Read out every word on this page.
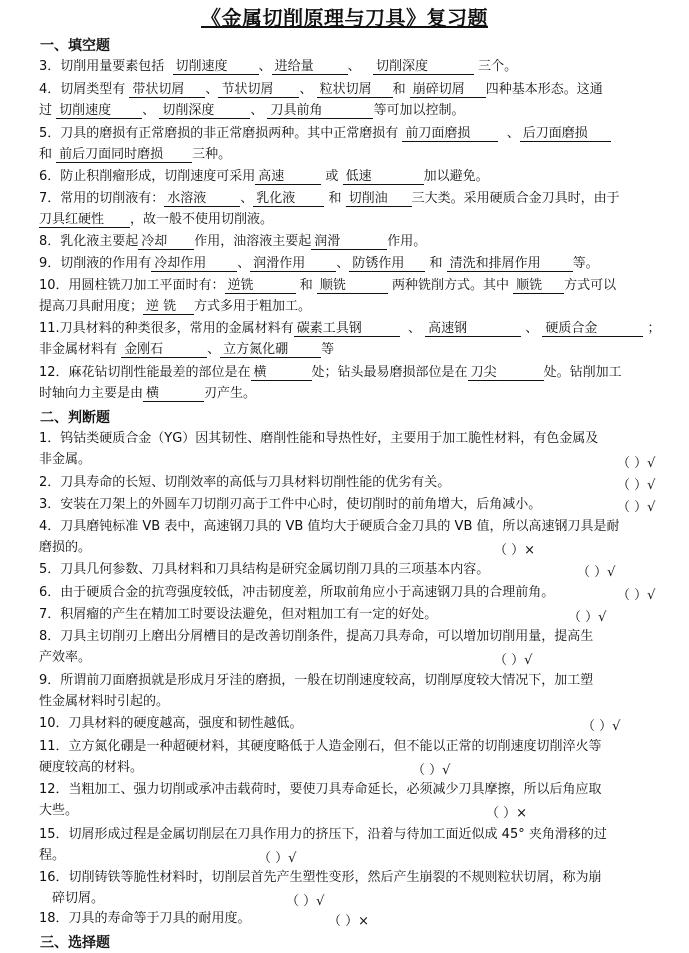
《金属切削原理与刀具》复习题
一、填空题
3．切削用量要素包括 切削速度 、 进给量	、 切削深度	三个。
4．切屑类型有 带状切屑 、 节状切屑 、 粒状切屑 和 崩碎切屑 四种基本形态。这通
过 切削速度 、 切削深度	、 刀具前角	等可加以控制。
5．刀具的磨损有正常磨损的非正常磨损两种。其中正常磨损有 前刀面磨损	、 后刀面磨损
和 前后刀面同时磨损 三种。
6．防止积削瘤形成，切削速度可采用 高速	或 低速	加以避免。
7．常用的切削液有： 水溶液	、 乳化液	和 切削油 三大类。采用硬质合金刀具时，由于
刀具红硬性 ，故一般不使用切削液。
8．乳化液主要起 冷却 作用，油溶液主要起 润滑	作用。
9．切削液的作用有 冷却作用 、 润滑作用 、 防锈作用 和 清洗和排屑作用 等。
10．用圆柱铣刀加工平面时有： 逆铣	和 顺铣	两种铣削方式。其中 顺铣 方式可以
提高刀具耐用度； 逆 铣 方式多用于粗加工。
11.刀具材料的种类很多，常用的金属材料有 碳素工具钢	、 高速钢	、 硬质合金	；
非金属材料有 金刚石	、 立方氮化硼	等
12．麻花钻切削性能最差的部位是在 横	处；钻头最易磨损部位是在 刀尖	处。钻削加工
时轴向力主要是由 横	刃产生。
二、判断题
1．钨钴类硬质合金（YG）因其韧性、磨削性能和导热性好，主要用于加工脆性材料，有色金属及
非金属。	（ ）√
2．刀具寿命的长短、切削效率的高低与刀具材料切削性能的优劣有关。	（ ）√
3．安装在刀架上的外圆车刀切削刃高于工件中心时，使切削时的前角增大，后角减小。	（ ）√
4．刀具磨钝标准 VB 表中，高速钢刀具的 VB 值均大于硬质合金刀具的 VB 值，所以高速钢刀具是耐
磨损的。	（ ）×
5．刀具几何参数、刀具材料和刀具结构是研究金属切削刀具的三项基本内容。	（ ）√
6．由于硬质合金的抗弯强度较低，冲击韧度差，所取前角应小于高速钢刀具的合理前角。	（ ）√
7．积屑瘤的产生在精加工时要设法避免，但对粗加工有一定的好处。	（ ）√
8．刀具主切削刃上磨出分屑槽目的是改善切削条件，提高刀具寿命，可以增加切削用量，提高生
产效率。	（ ）√
9．所谓前刀面磨损就是形成月牙洼的磨损，一般在切削速度较高，切削厚度较大情况下，加工塑
性金属材料时引起的。
10．刀具材料的硬度越高，强度和韧性越低。	（ ）√
11．立方氮化硼是一种超硬材料，其硬度略低于人造金刚石，但不能以正常的切削速度切削淬火等
硬度较高的材料。	（ ）√
12．当粗加工、强力切削或承冲击载荷时，要使刀具寿命延长，必须减少刀具摩擦，所以后角应取
大些。	（ ）×
15．切屑形成过程是金属切削层在刀具作用力的挤压下，沿着与待加工面近似成 45° 夹角滑移的过
程。	（ ）√
16．切削铸铁等脆性材料时，切削层首先产生塑性变形，然后产生崩裂的不规则粒状切屑，称为崩
碎切屑。	（ ）√
18．刀具的寿命等于刀具的耐用度。	（ ）×
三、选择题
